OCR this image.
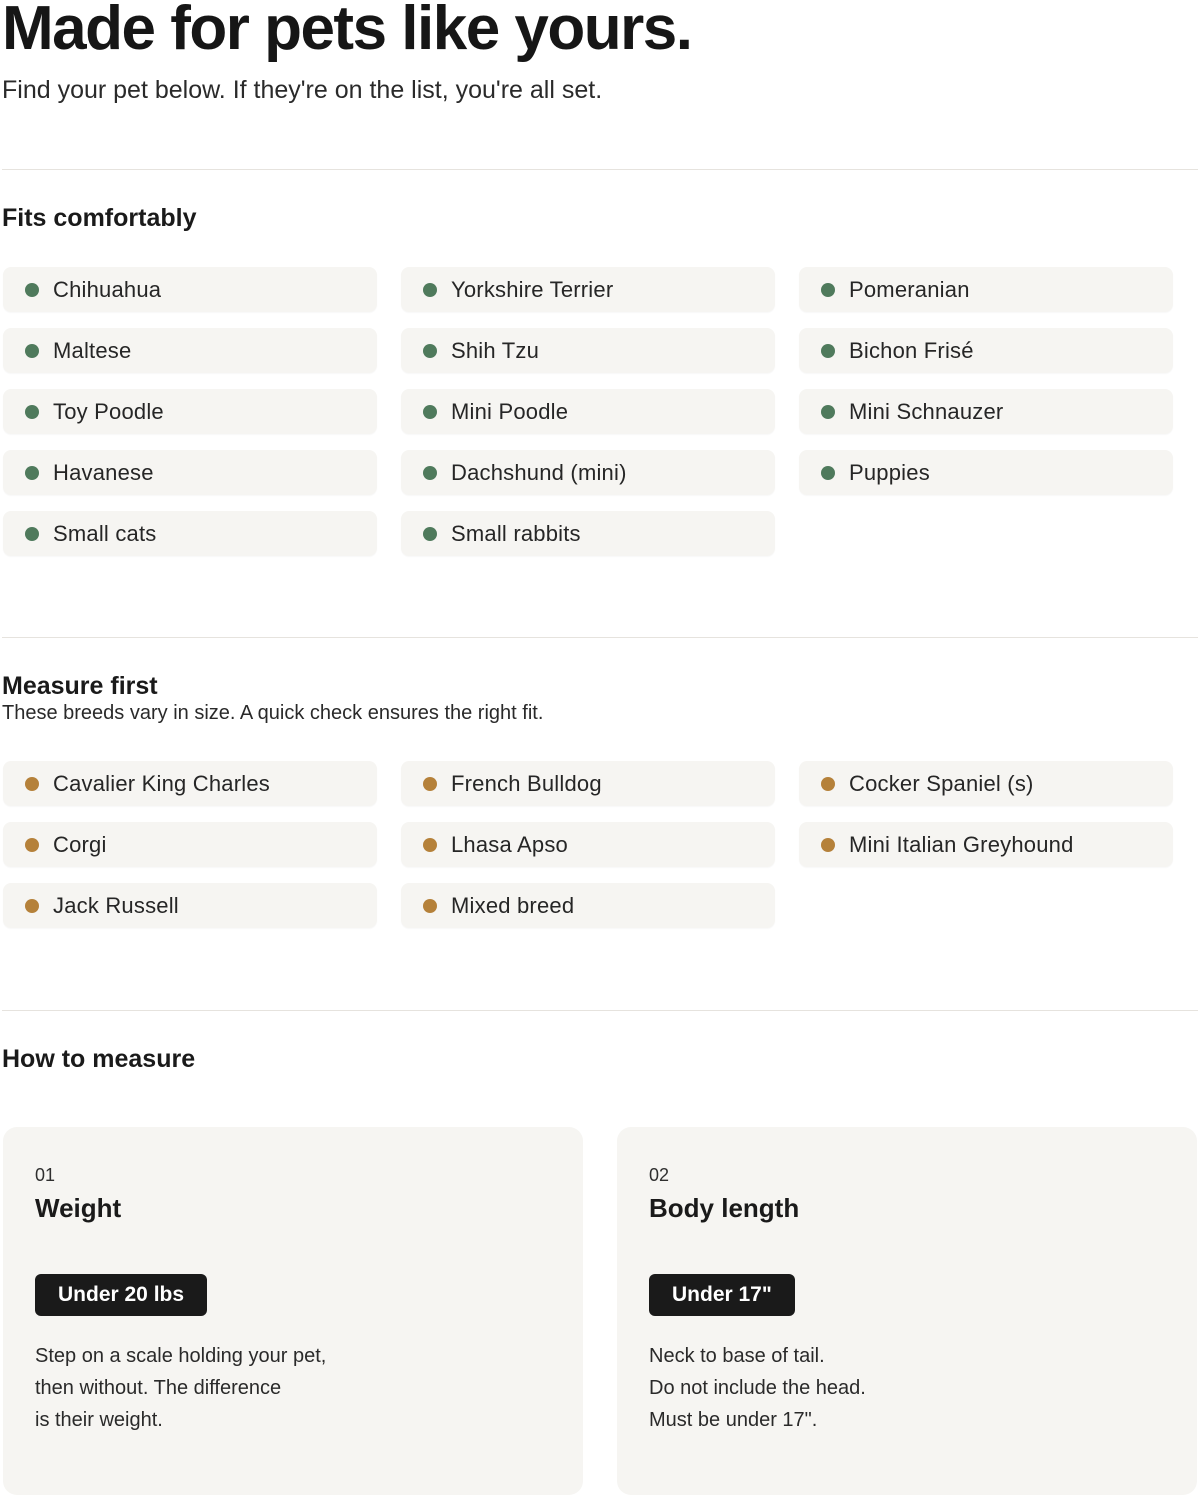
Made for pets like yours.

Find your pet below. If they're on the list, you're all set.

Fits comfortably
Chihuahua	Yorkshire Terrier	Pomeranian
Maltese	Shih Tzu	Bichon Frisé
Toy Poodle	Mini Poodle	Mini Schnauzer
Havanese	Dachshund (mini)	Puppies
Small cats	Small rabbits
Measure first

These breeds vary in size. A quick check ensures the right fit.

Cavalier King Charles	French Bulldog	Cocker Spaniel (s)
Corgi	Lhasa Apso	Mini Italian Greyhound
Jack Russell	Mixed breed
How to measure
01
Weight
Under 20 lbs
Step on a scale holding your pet,
then without. The difference
is their weight.
02
Body length
Under 17"
Neck to base of tail.
Do not include the head.
Must be under 17".
